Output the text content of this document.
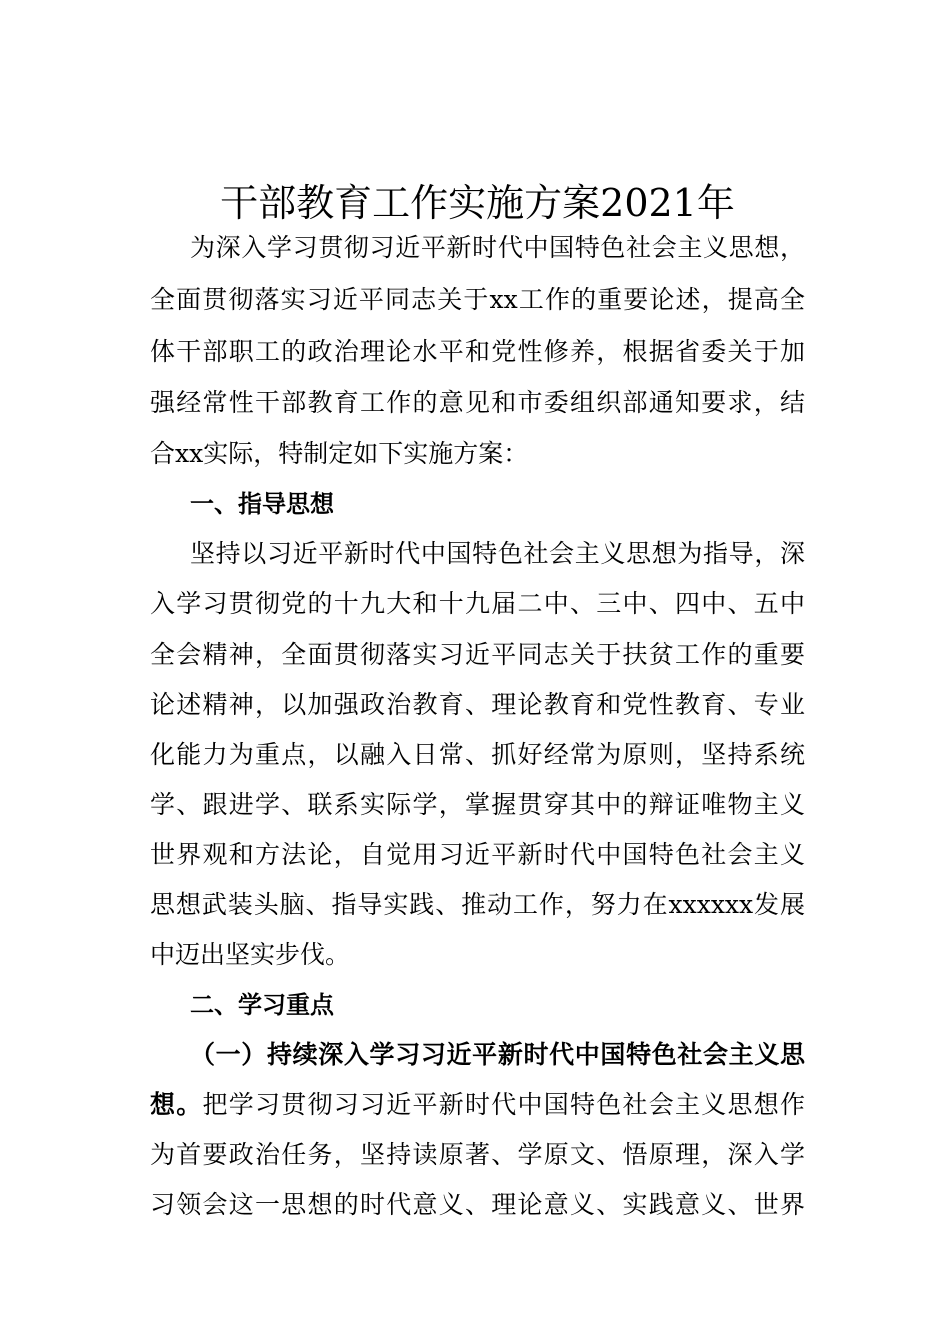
干部教育工作实施方案2021年
为深入学习贯彻习近平新时代中国特色社会主义思想，
全面贯彻落实习近平同志关于xx工作的重要论述，提高全
体干部职工的政治理论水平和党性修养，根据省委关于加
强经常性干部教育工作的意见和市委组织部通知要求，结
合xx实际，特制定如下实施方案：
一、指导思想
坚持以习近平新时代中国特色社会主义思想为指导，深
入学习贯彻党的十九大和十九届二中、三中、四中、五中
全会精神，全面贯彻落实习近平同志关于扶贫工作的重要
论述精神，以加强政治教育、理论教育和党性教育、专业
化能力为重点，以融入日常、抓好经常为原则，坚持系统
学、跟进学、联系实际学，掌握贯穿其中的辩证唯物主义
世界观和方法论，自觉用习近平新时代中国特色社会主义
思想武装头脑、指导实践、推动工作，努力在xxxxxx发展
中迈出坚实步伐。
二、学习重点
（一）持续深入学习习近平新时代中国特色社会主义思
想。把学习贯彻习习近平新时代中国特色社会主义思想作
为首要政治任务，坚持读原著、学原文、悟原理，深入学
习领会这一思想的时代意义、理论意义、实践意义、世界
